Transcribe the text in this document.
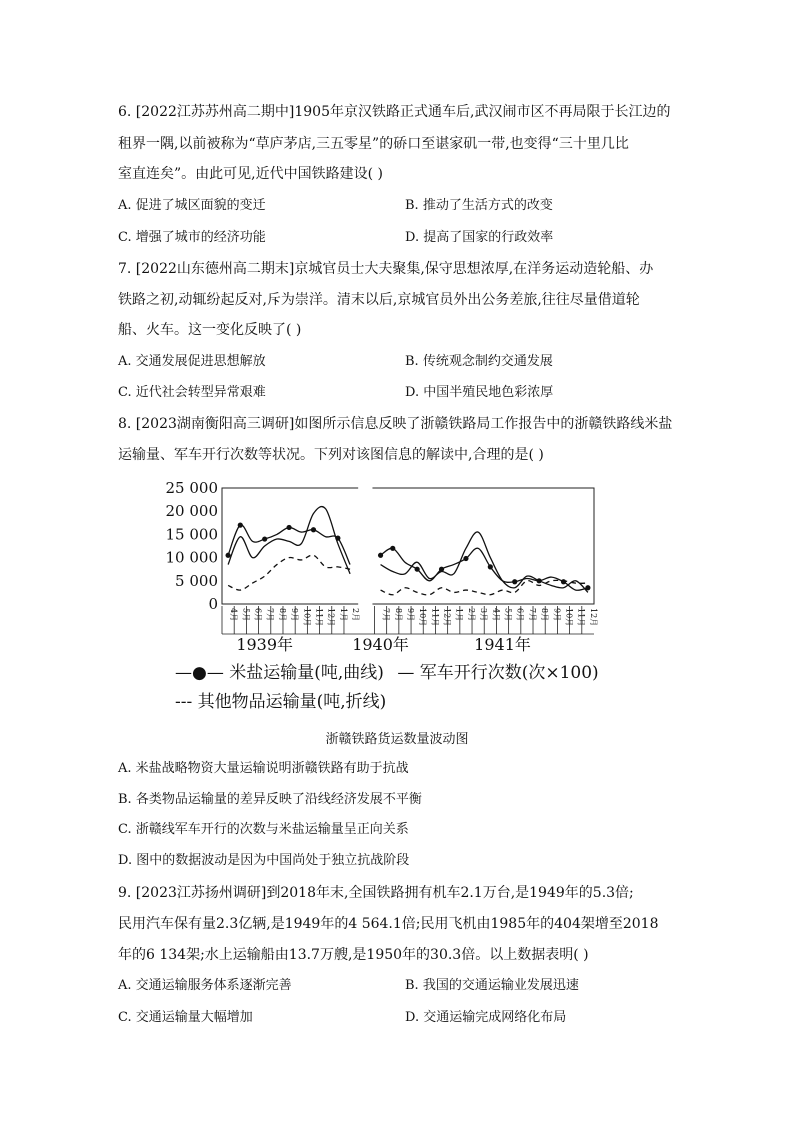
6. [2022江苏苏州高二期中]1905年京汉铁路正式通车后,武汉闹市区不再局限于长江边的
租界一隅,以前被称为“草庐茅店,三五零星”的硚口至谌家矶一带,也变得“三十里几比
室直连矣”。由此可见,近代中国铁路建设( )
A. 促进了城区面貌的变迁	B. 推动了生活方式的改变
C. 增强了城市的经济功能	D. 提高了国家的行政效率
7. [2022山东德州高二期末]京城官员士大夫聚集,保守思想浓厚,在洋务运动造轮船、办
铁路之初,动辄纷起反对,斥为崇洋。清末以后,京城官员外出公务差旅,往往尽量借道轮
船、火车。这一变化反映了( )
A. 交通发展促进思想解放	B. 传统观念制约交通发展
C. 近代社会转型异常艰难	D. 中国半殖民地色彩浓厚
8. [2023湖南衡阳高三调研]如图所示信息反映了浙赣铁路局工作报告中的浙赣铁路线米盐
运输量、军车开行次数等状况。下列对该图信息的解读中,合理的是( )
25 000
20 000
15 000
10 000
5 000
0
4月 5月 6月 7月 8月 9月 10月 11月 12月 1月 2月	7月 8月 9月 10月 11月 12月 1月 2月 3月 4月 5月 6月 7月 8月 9月 10月 11月 12月
1939年	1940年	1941年
—●— 米盐运输量(吨,曲线) — 军车开行次数(次×100)
--- 其他物品运输量(吨,折线)
浙赣铁路货运数量波动图
A. 米盐战略物资大量运输说明浙赣铁路有助于抗战
B. 各类物品运输量的差异反映了沿线经济发展不平衡
C. 浙赣线军车开行的次数与米盐运输量呈正向关系
D. 图中的数据波动是因为中国尚处于独立抗战阶段
9. [2023江苏扬州调研]到2018年末,全国铁路拥有机车2.1万台,是1949年的5.3倍;
民用汽车保有量2.3亿辆,是1949年的4 564.1倍;民用飞机由1985年的404架增至2018
年的6 134架;水上运输船由13.7万艘,是1950年的30.3倍。以上数据表明( )
A. 交通运输服务体系逐渐完善	B. 我国的交通运输业发展迅速
C. 交通运输量大幅增加	D. 交通运输完成网络化布局
